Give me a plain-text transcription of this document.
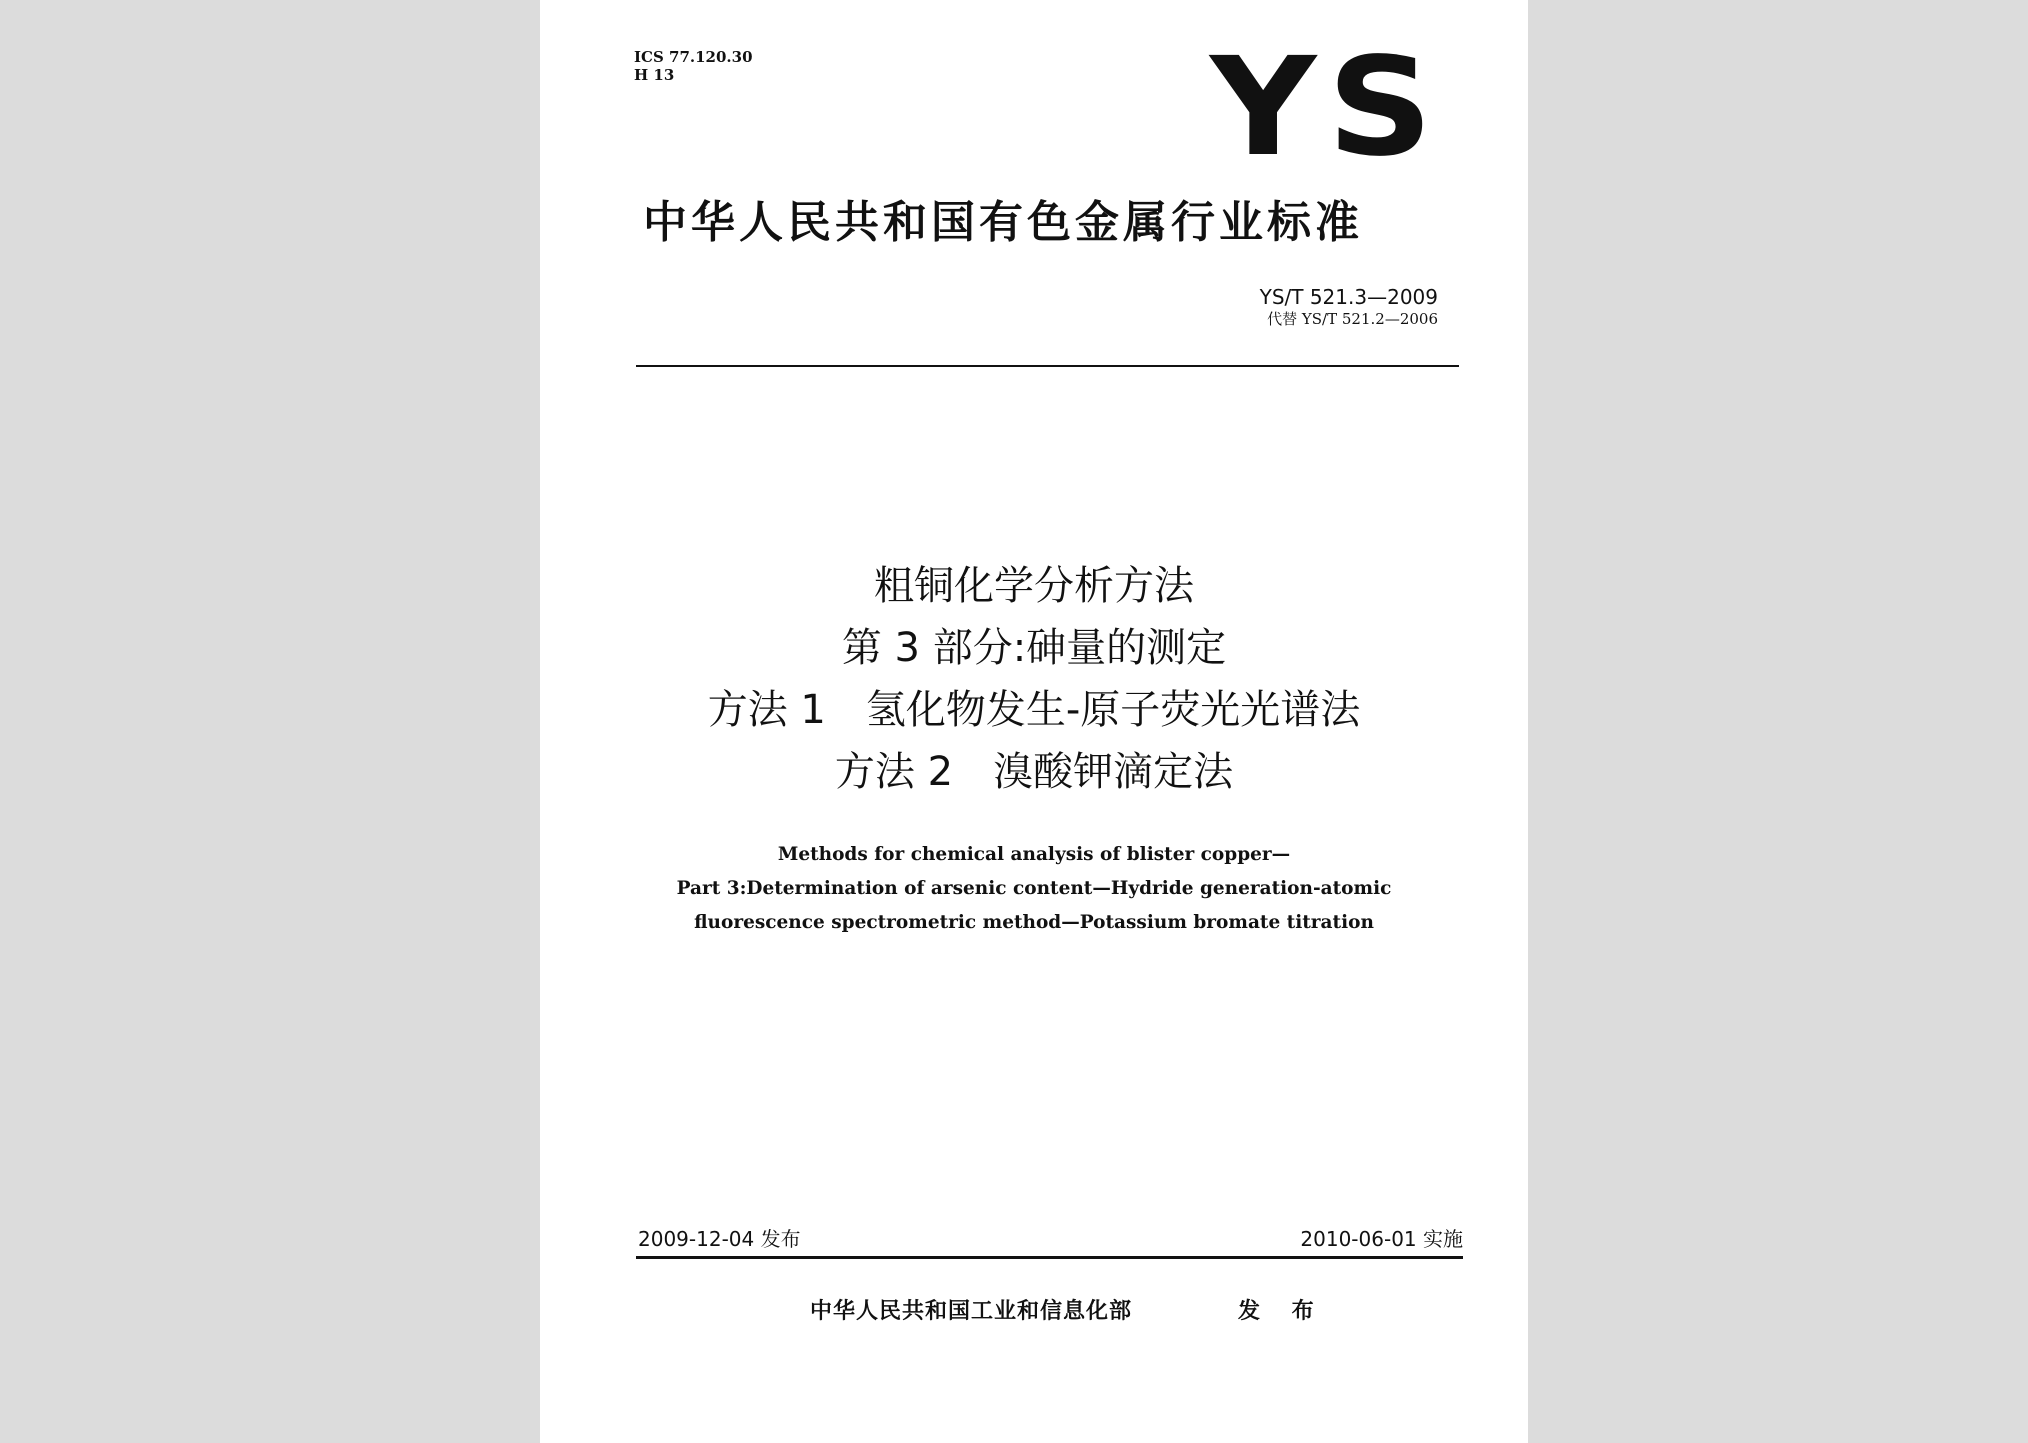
ICS 77.120.30
H 13	YS
中华人民共和国有色金属行业标准
YS/T 521.3—2009
代替 YS/T 521.2—2006
粗铜化学分析方法
第 3 部分:砷量的测定
方法 1　氢化物发生-原子荧光光谱法
方法 2　溴酸钾滴定法
Methods for chemical analysis of blister copper—
Part 3:Determination of arsenic content—Hydride generation-atomic
fluorescence spectrometric method—Potassium bromate titration
2009-12-04 发布	2010-06-01 实施
中华人民共和国工业和信息化部	发 布
